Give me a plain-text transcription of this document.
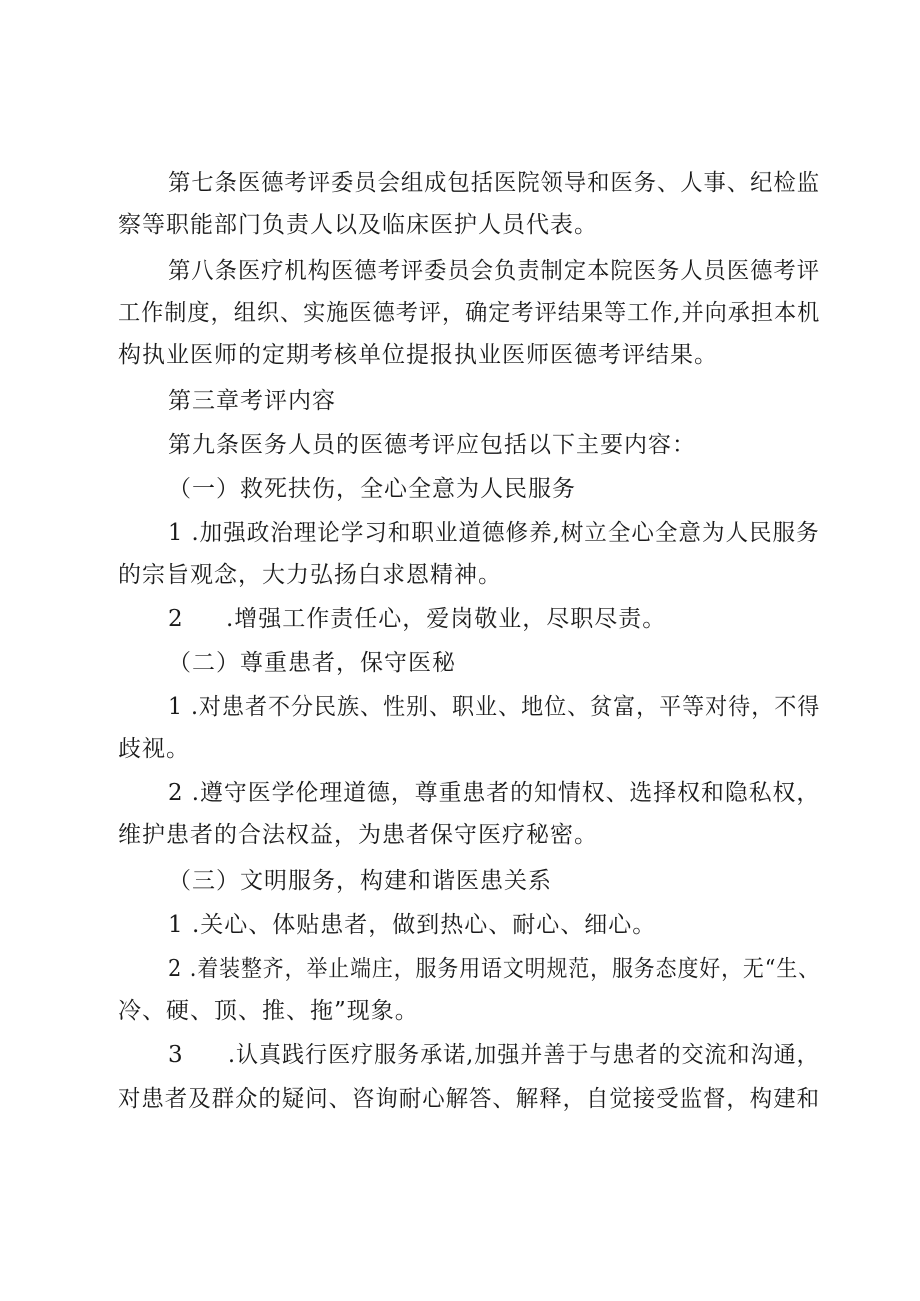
第七条医德考评委员会组成包括医院领导和医务、人事、纪检监
察等职能部门负责人以及临床医护人员代表。
第八条医疗机构医德考评委员会负责制定本院医务人员医德考评
工作制度，组织、实施医德考评，确定考评结果等工作,并向承担本机
构执业医师的定期考核单位提报执业医师医德考评结果。
第三章考评内容
第九条医务人员的医德考评应包括以下主要内容：
（一）救死扶伤，全心全意为人民服务
1 .加强政治理论学习和职业道德修养,树立全心全意为人民服务
的宗旨观念，大力弘扬白求恩精神。
2 .增强工作责任心，爱岗敬业，尽职尽责。
（二）尊重患者，保守医秘
1 .对患者不分民族、性别、职业、地位、贫富，平等对待，不得
歧视。
2 .遵守医学伦理道德，尊重患者的知情权、选择权和隐私权，
维护患者的合法权益，为患者保守医疗秘密。
（三）文明服务，构建和谐医患关系
1 .关心、体贴患者，做到热心、耐心、细心。
2 .着装整齐，举止端庄，服务用语文明规范，服务态度好，无“生、
冷、硬、顶、推、拖”现象。
3 .认真践行医疗服务承诺,加强并善于与患者的交流和沟通，
对患者及群众的疑问、咨询耐心解答、解释，自觉接受监督，构建和
